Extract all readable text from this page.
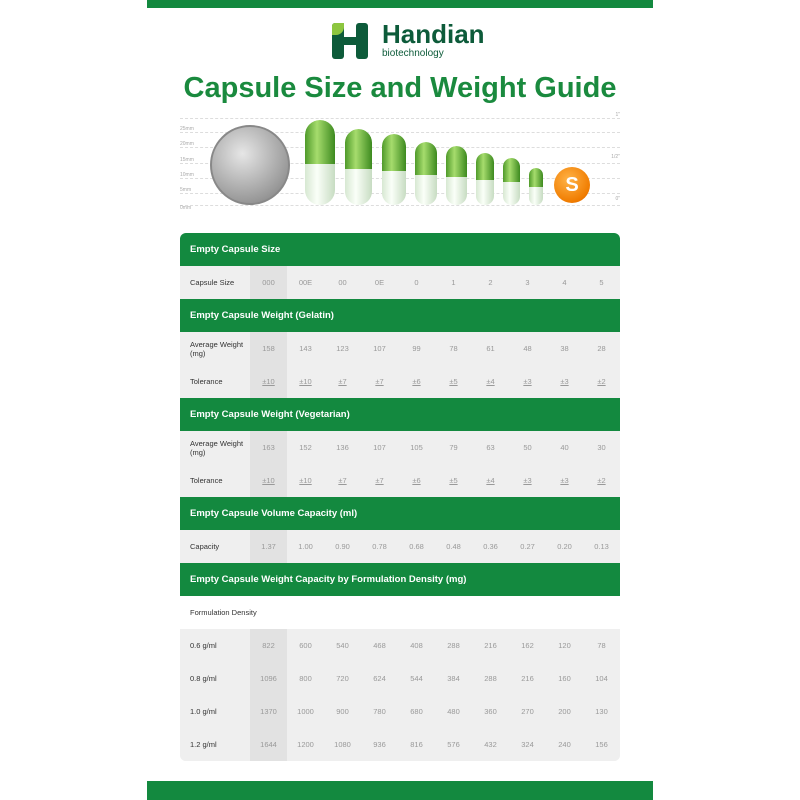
Handian
biotechnology
Capsule Size and Weight Guide
25mm
20mm
15mm
10mm
5mm
0mm
1"
1/2"
0"
S
Empty Capsule Size
Capsule Size	000	00E	00	0E	0	1	2	3	4	5
Empty Capsule Weight (Gelatin)
Average Weight (mg)	158	143	123	107	99	78	61	48	38	28
Tolerance	±10	±10	±7	±7	±6	±5	±4	±3	±3	±2
Empty Capsule Weight (Vegetarian)
Average Weight (mg)	163	152	136	107	105	79	63	50	40	30
Tolerance	±10	±10	±7	±7	±6	±5	±4	±3	±3	±2
Empty Capsule Volume Capacity (ml)
Capacity	1.37	1.00	0.90	0.78	0.68	0.48	0.36	0.27	0.20	0.13
Empty Capsule Weight Capacity by Formulation Density (mg)
Formulation Density
0.6 g/ml	822	600	540	468	408	288	216	162	120	78
0.8 g/ml	1096	800	720	624	544	384	288	216	160	104
1.0 g/ml	1370	1000	900	780	680	480	360	270	200	130
1.2 g/ml	1644	1200	1080	936	816	576	432	324	240	156
